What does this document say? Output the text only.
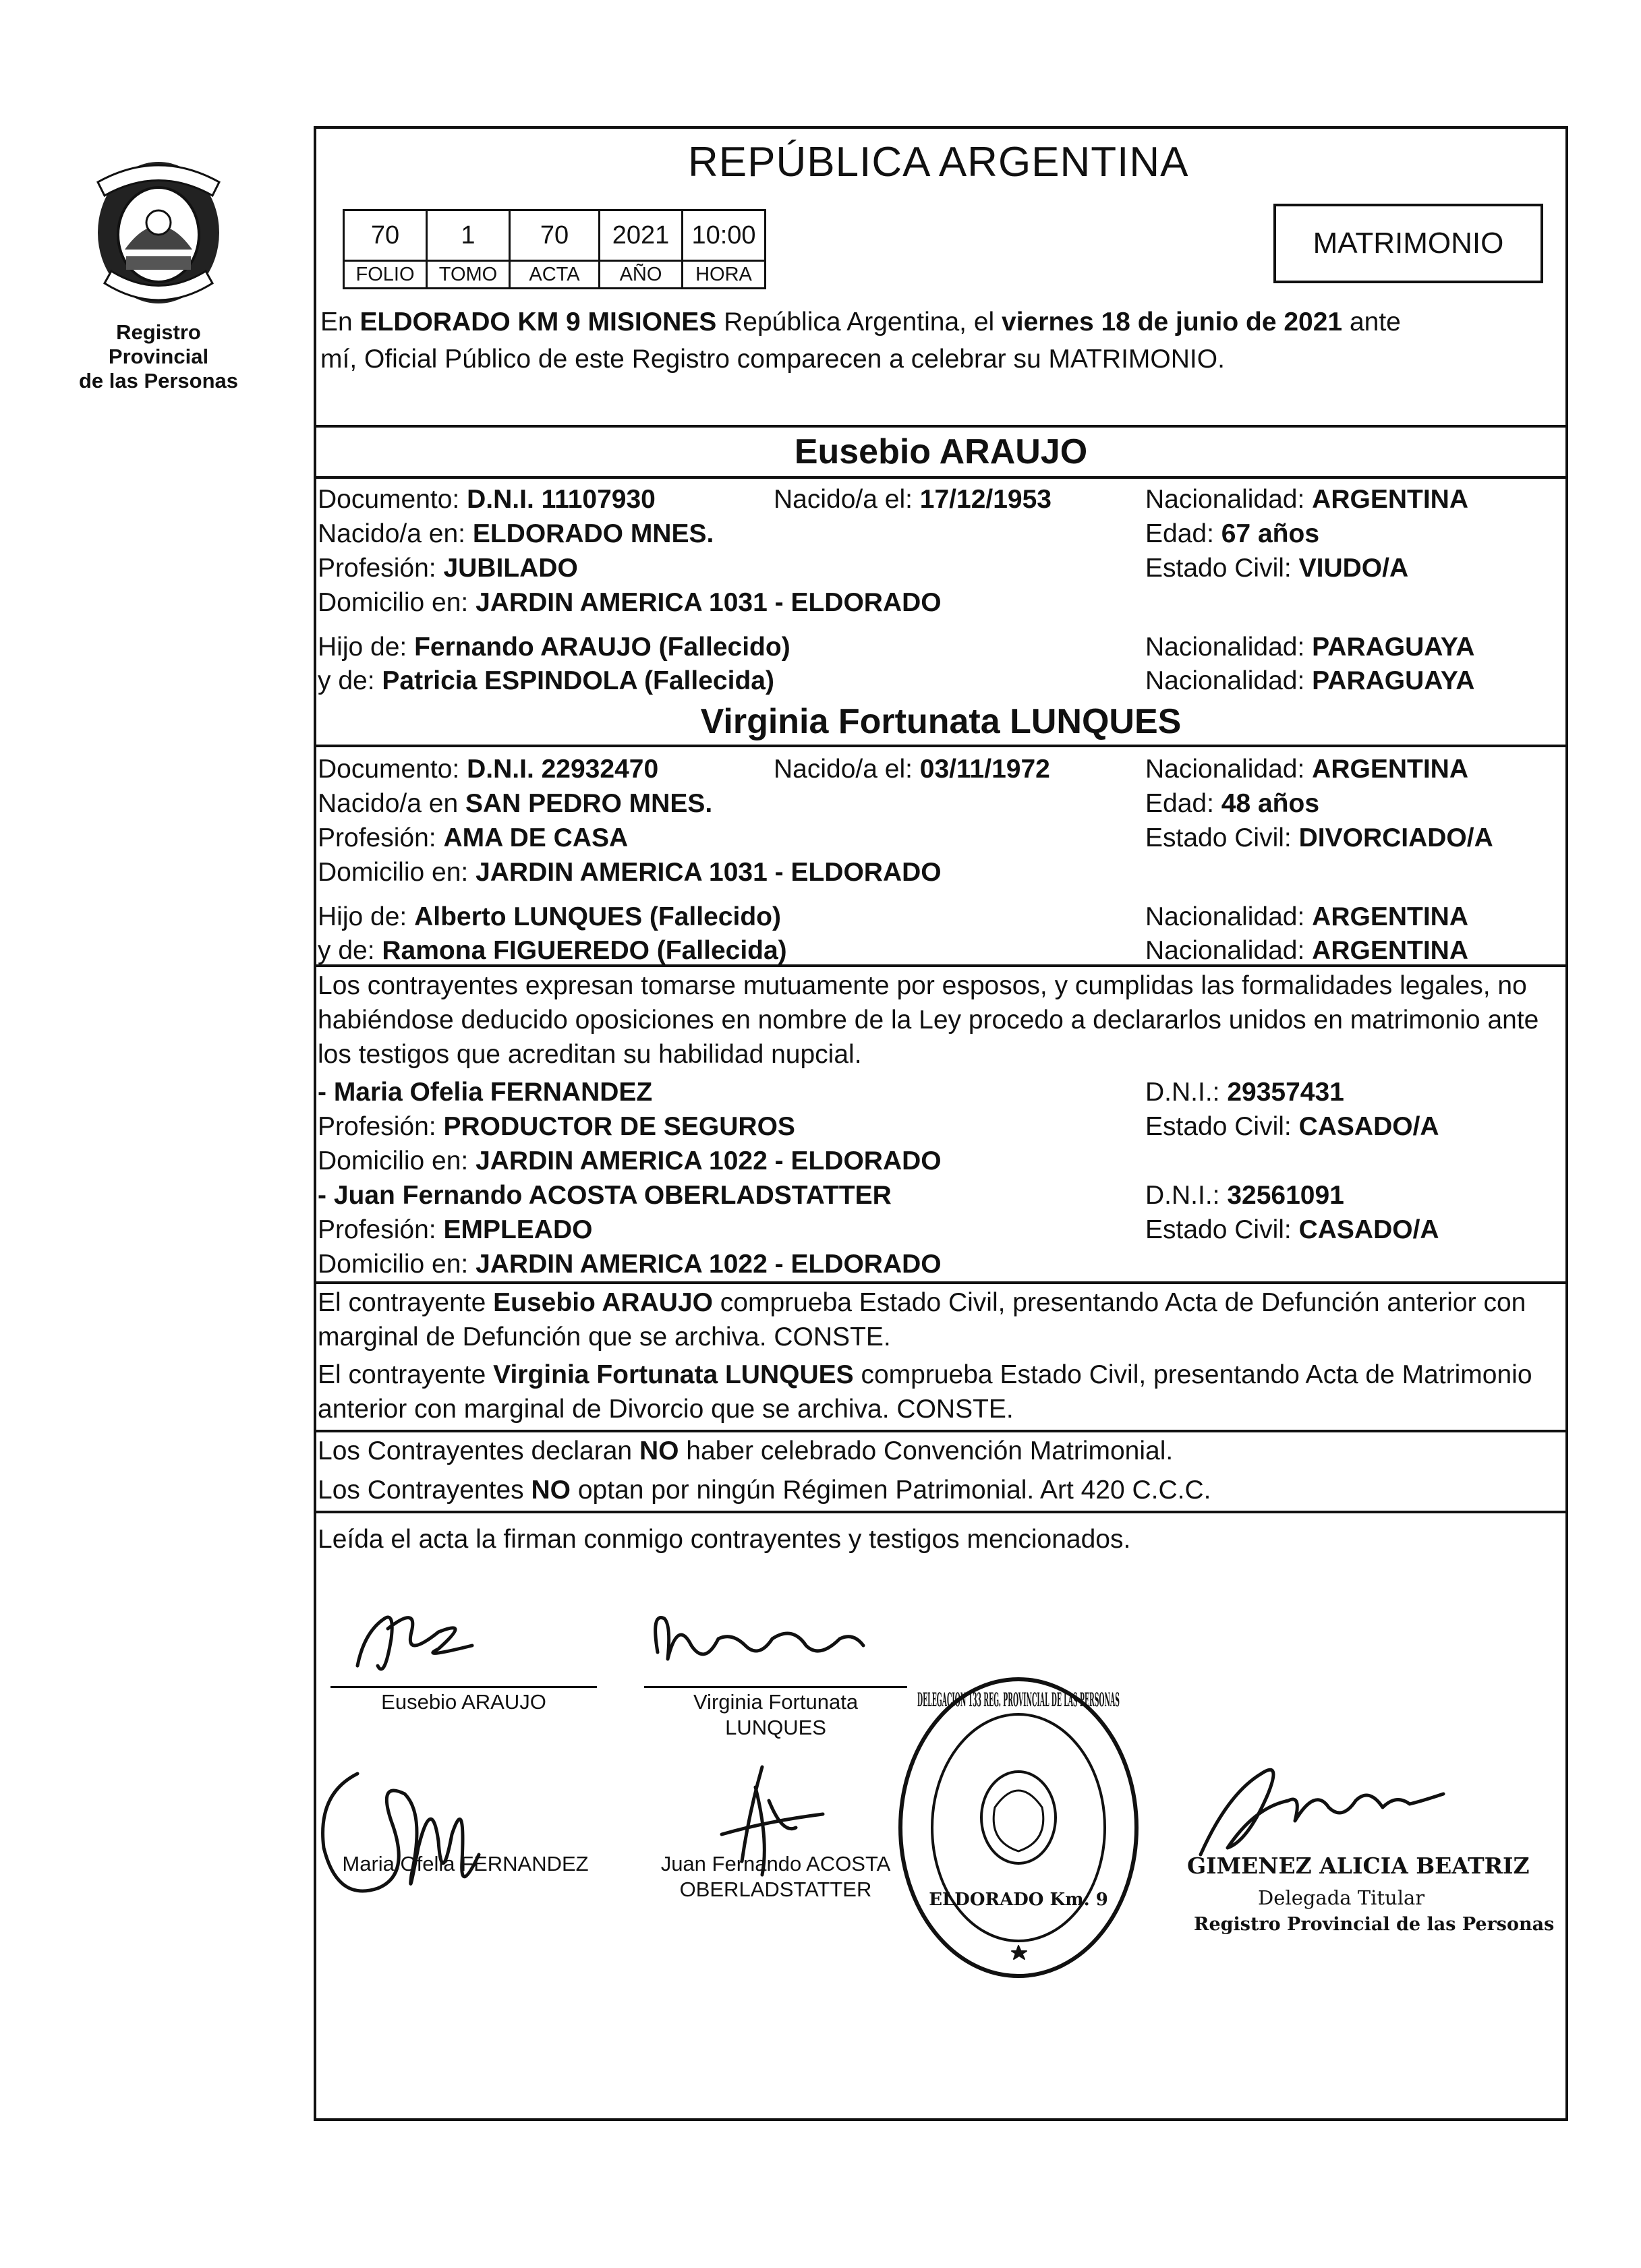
Registro Provincial
de las Personas
REPÚBLICA ARGENTINA
70	1	70	2021	10:00
FOLIO	TOMO	ACTA	AÑO	HORA
MATRIMONIO
En ELDORADO KM 9 MISIONES República Argentina, el viernes 18 de junio de 2021 ante
mí, Oficial Público de este Registro comparecen a celebrar su MATRIMONIO.
Eusebio ARAUJO
Documento: D.N.I. 11107930	Nacido/a el: 17/12/1953	Nacionalidad: ARGENTINA
Nacido/a en: ELDORADO MNES.	Edad: 67 años
Profesión: JUBILADO	Estado Civil: VIUDO/A
Domicilio en: JARDIN AMERICA 1031 - ELDORADO
Hijo de: Fernando ARAUJO (Fallecido)	Nacionalidad: PARAGUAYA
y de: Patricia ESPINDOLA (Fallecida)	Nacionalidad: PARAGUAYA
Virginia Fortunata LUNQUES
Documento: D.N.I. 22932470	Nacido/a el: 03/11/1972	Nacionalidad: ARGENTINA
Nacido/a en SAN PEDRO MNES.	Edad: 48 años
Profesión: AMA DE CASA	Estado Civil: DIVORCIADO/A
Domicilio en: JARDIN AMERICA 1031 - ELDORADO
Hijo de: Alberto LUNQUES (Fallecido)	Nacionalidad: ARGENTINA
y de: Ramona FIGUEREDO (Fallecida)	Nacionalidad: ARGENTINA
Los contrayentes expresan tomarse mutuamente por esposos, y cumplidas las formalidades legales, no
habiéndose deducido oposiciones en nombre de la Ley procedo a declararlos unidos en matrimonio ante
los testigos que acreditan su habilidad nupcial.
- Maria Ofelia FERNANDEZ	D.N.I.: 29357431
Profesión: PRODUCTOR DE SEGUROS	Estado Civil: CASADO/A
Domicilio en: JARDIN AMERICA 1022 - ELDORADO
- Juan Fernando ACOSTA OBERLADSTATTER	D.N.I.: 32561091
Profesión: EMPLEADO	Estado Civil: CASADO/A
Domicilio en: JARDIN AMERICA 1022 - ELDORADO
El contrayente Eusebio ARAUJO comprueba Estado Civil, presentando Acta de Defunción anterior con
marginal de Defunción que se archiva. CONSTE.
El contrayente Virginia Fortunata LUNQUES comprueba Estado Civil, presentando Acta de Matrimonio
anterior con marginal de Divorcio que se archiva. CONSTE.
Los Contrayentes declaran NO haber celebrado Convención Matrimonial.
Los Contrayentes NO optan por ningún Régimen Patrimonial. Art 420 C.C.C.
Leída el acta la firman conmigo contrayentes y testigos mencionados.
Eusebio ARAUJO	Virginia Fortunata
LUNQUES
Maria Ofelia FERNANDEZ	Juan Fernando ACOSTA
OBERLADSTATTER
DELEGACION 133 REG. PROVINCIAL DE LAS PERSONAS
ELDORADO Km. 9
GIMENEZ ALICIA BEATRIZ
Delegada Titular
Registro Provincial de las Personas
